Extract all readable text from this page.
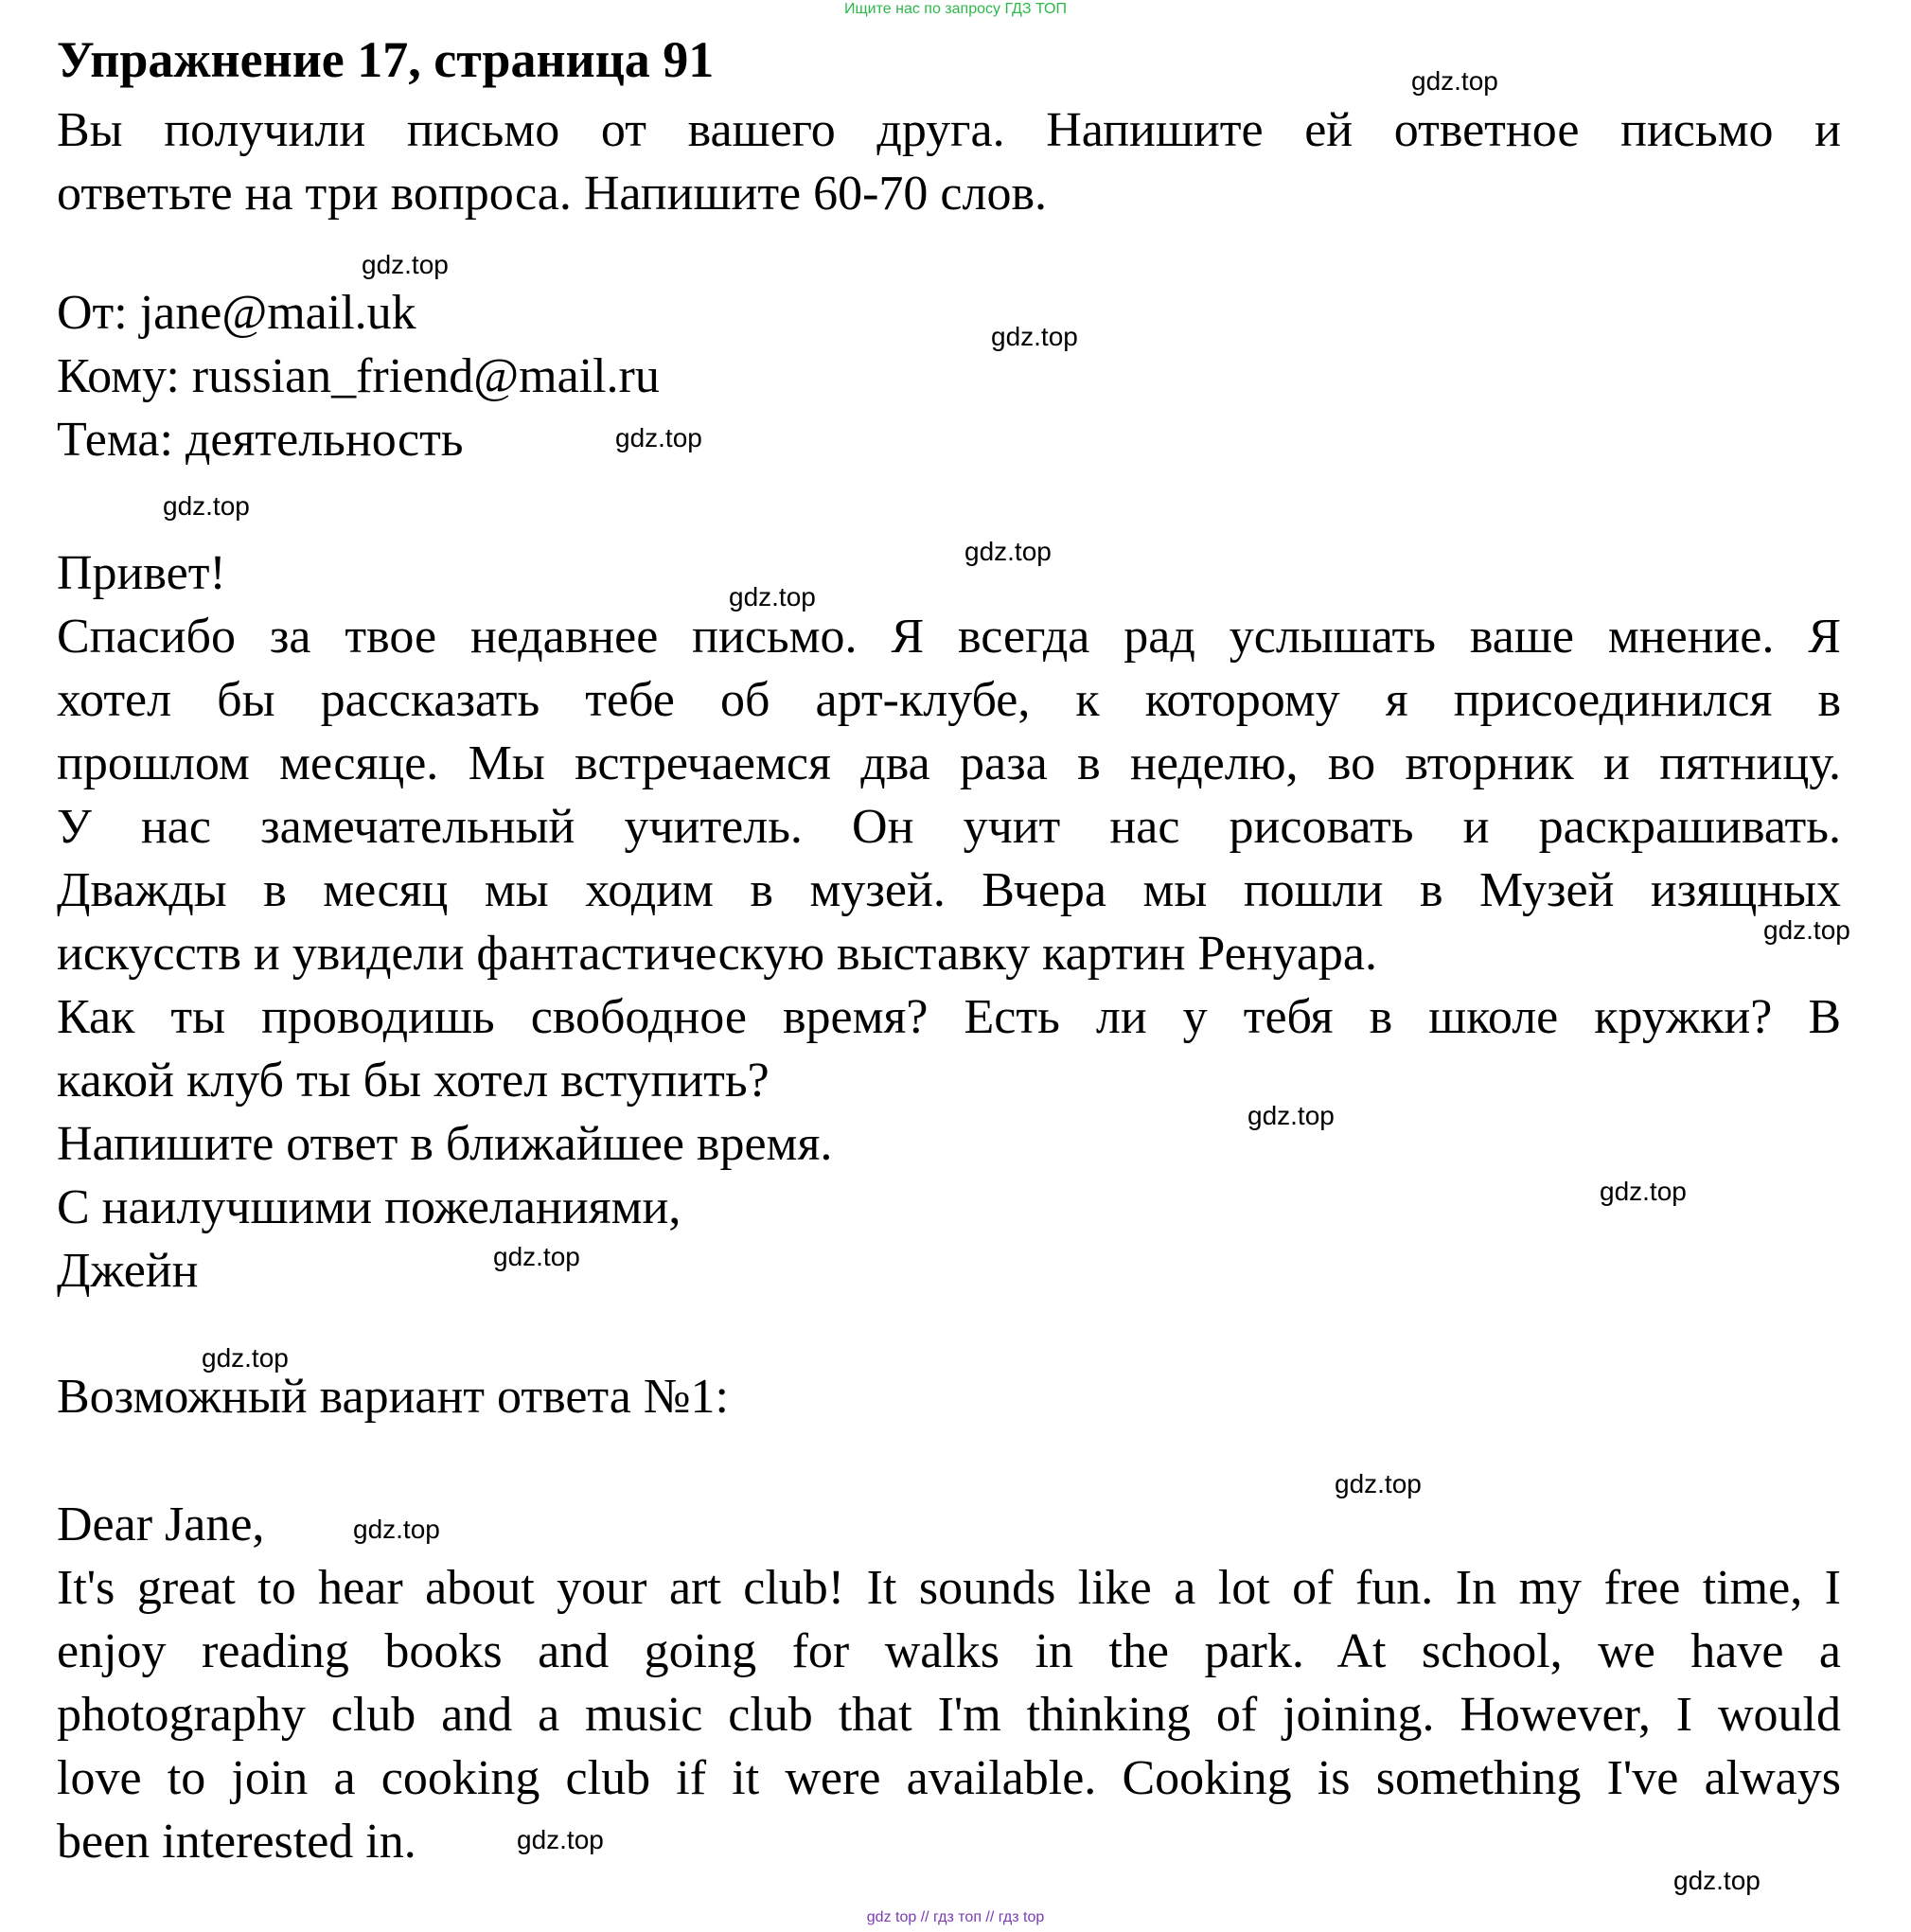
Ищите нас по запросу ГДЗ ТОП
Упражнение 17, страница 91
Вы получили письмо от вашего друга. Напишите ей ответное письмо и
ответьте на три вопроса. Напишите 60-70 слов.
От: jane@mail.uk
Кому: russian_friend@mail.ru
Тема: деятельность
Привет!
Спасибо за твое недавнее письмо. Я всегда рад услышать ваше мнение. Я
хотел бы рассказать тебе об арт-клубе, к которому я присоединился в
прошлом месяце. Мы встречаемся два раза в неделю, во вторник и пятницу.
У нас замечательный учитель. Он учит нас рисовать и раскрашивать.
Дважды в месяц мы ходим в музей. Вчера мы пошли в Музей изящных
искусств и увидели фантастическую выставку картин Ренуара.
Как ты проводишь свободное время? Есть ли у тебя в школе кружки? В
какой клуб ты бы хотел вступить?
Напишите ответ в ближайшее время.
С наилучшими пожеланиями,
Джейн
Возможный вариант ответа №1:
Dear Jane,
It's great to hear about your art club! It sounds like a lot of fun. In my free time, I
enjoy reading books and going for walks in the park. At school, we have a
photography club and a music club that I'm thinking of joining. However, I would
love to join a cooking club if it were available. Cooking is something I've always
been interested in.
gdz.top
gdz.top
gdz.top
gdz.top
gdz.top
gdz.top
gdz.top
gdz.top
gdz.top
gdz.top
gdz.top
gdz.top
gdz.top
gdz.top
gdz.top
gdz.top
gdz top // гдз топ // гдз top
